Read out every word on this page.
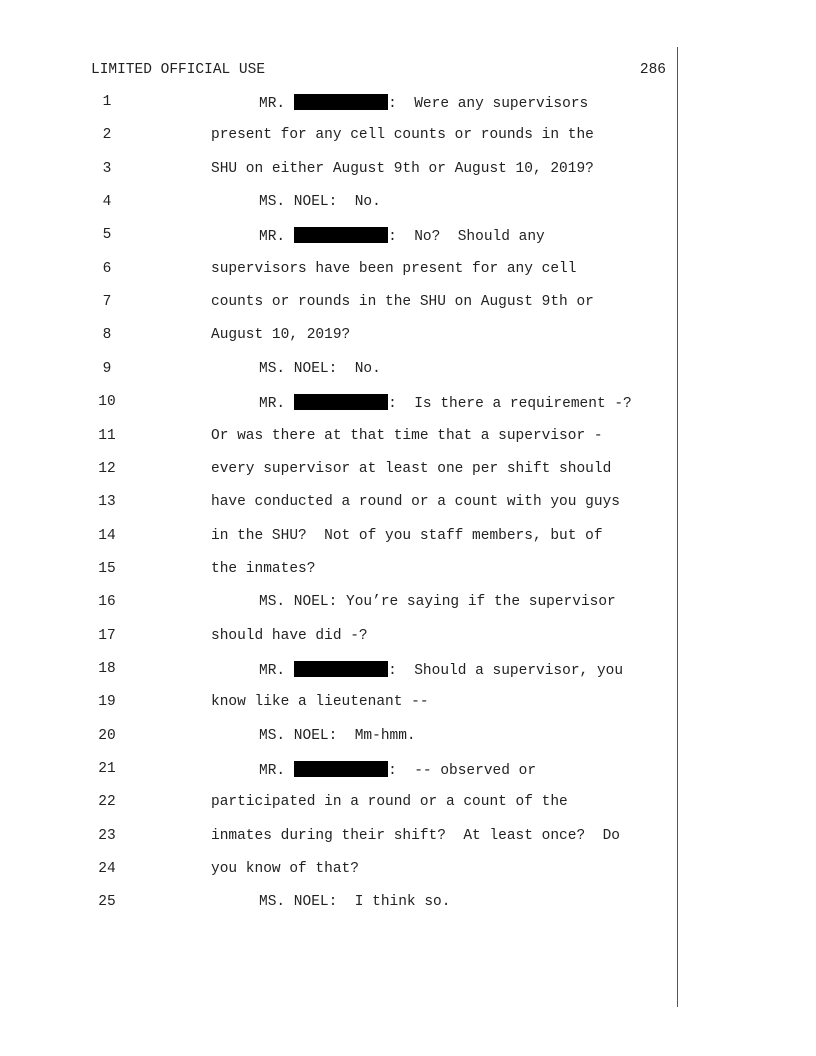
LIMITED OFFICIAL USE	286
1	MR.	:  Were any supervisors
2	present for any cell counts or rounds in the
3	SHU on either August 9th or August 10, 2019?
4	MS. NOEL:  No.
5	MR.	:  No?  Should any
6	supervisors have been present for any cell
7	counts or rounds in the SHU on August 9th or
8	August 10, 2019?
9	MS. NOEL:  No.
10	MR.	:  Is there a requirement -?
11	Or was there at that time that a supervisor -
12	every supervisor at least one per shift should
13	have conducted a round or a count with you guys
14	in the SHU?  Not of you staff members, but of
15	the inmates?
16	MS. NOEL: You’re saying if the supervisor
17	should have did -?
18	MR.	:  Should a supervisor, you
19	know like a lieutenant --
20	MS. NOEL:  Mm-hmm.
21	MR.	:  -- observed or
22	participated in a round or a count of the
23	inmates during their shift?  At least once?  Do
24	you know of that?
25	MS. NOEL:  I think so.
